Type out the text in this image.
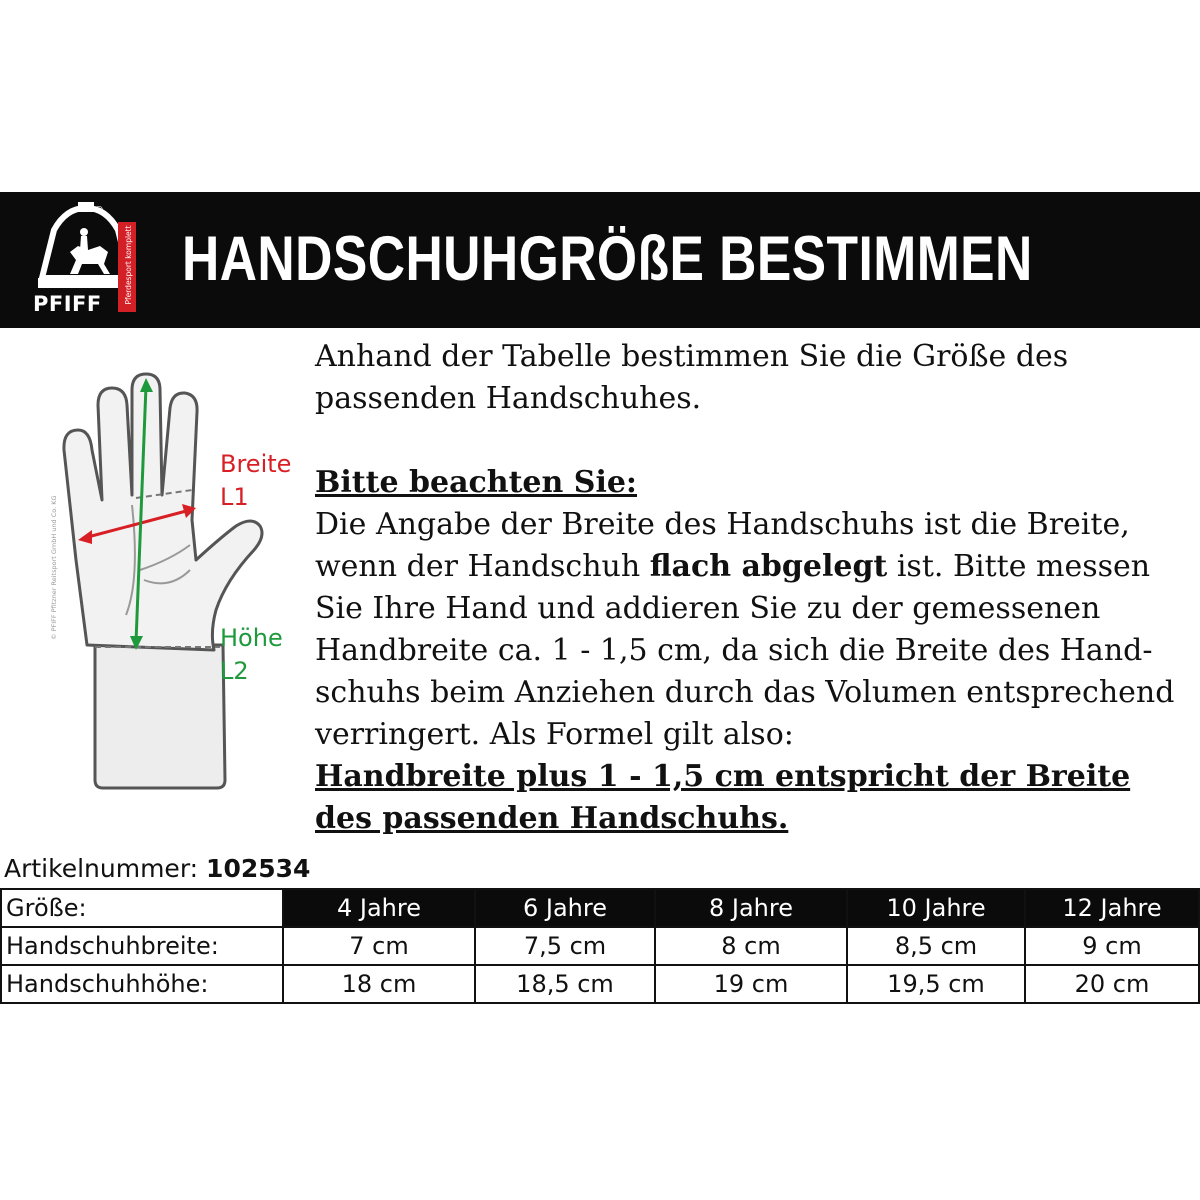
®
PFIFF	Pferdesport komplett HANDSCHUHGRÖßE BESTIMMEN
Breite
L1
Höhe
L2
© PFIFF Pfitzner Reitsport GmbH und Co. KG

Anhand der Tabelle bestimmen Sie die Größe des passenden Handschuhes.

Bitte beachten Sie:

Die Angabe der Breite des Handschuhs ist die Breite, wenn der Handschuh flach abgelegt ist. Bitte messen Sie Ihre Hand und addieren Sie zu der gemessenen Handbreite ca. 1 - 1,5 cm, da sich die Breite des Hand-schuhs beim Anziehen durch das Volumen entsprechend verringert. Als Formel gilt also:

Handbreite plus 1 - 1,5 cm entspricht der Breite des passenden Handschuhs.

Artikelnummer: 102534
Größe:	4 Jahre	6 Jahre	8 Jahre	10 Jahre	12 Jahre
Handschuhbreite:	7 cm	7,5 cm	8 cm	8,5 cm	9 cm
Handschuhhöhe:	18 cm	18,5 cm	19 cm	19,5 cm	20 cm
